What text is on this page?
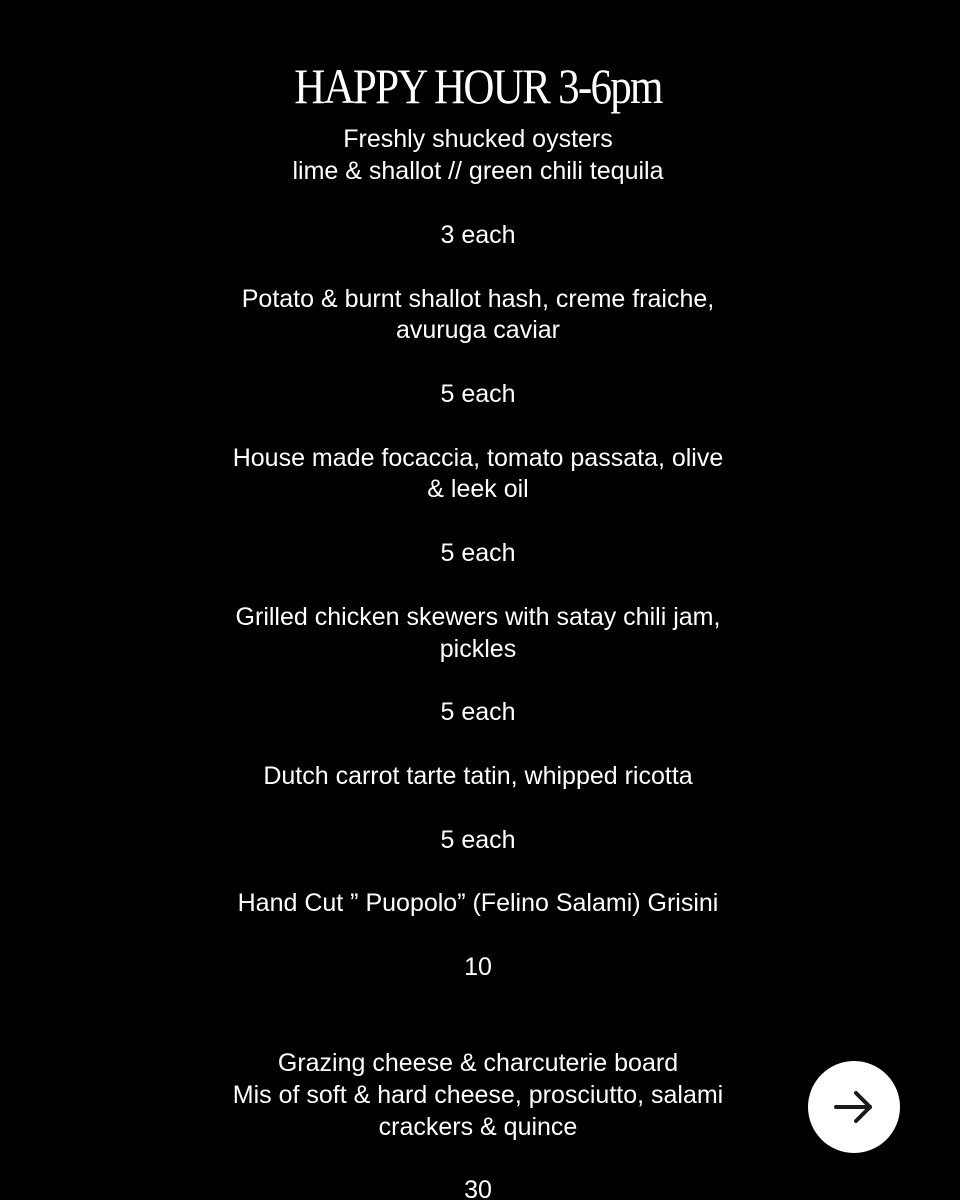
HAPPY HOUR 3-6pm
Freshly shucked oysters
lime & shallot // green chili tequila
3 each
Potato & burnt shallot hash, creme fraiche,
avuruga caviar
5 each
House made focaccia, tomato passata, olive
& leek oil
5 each
Grilled chicken skewers with satay chili jam,
pickles
5 each
Dutch carrot tarte tatin, whipped ricotta
5 each
Hand Cut ” Puopolo” (Felino Salami) Grisini
10
Grazing cheese & charcuterie board
Mis of soft & hard cheese, prosciutto, salami
crackers & quince
30
